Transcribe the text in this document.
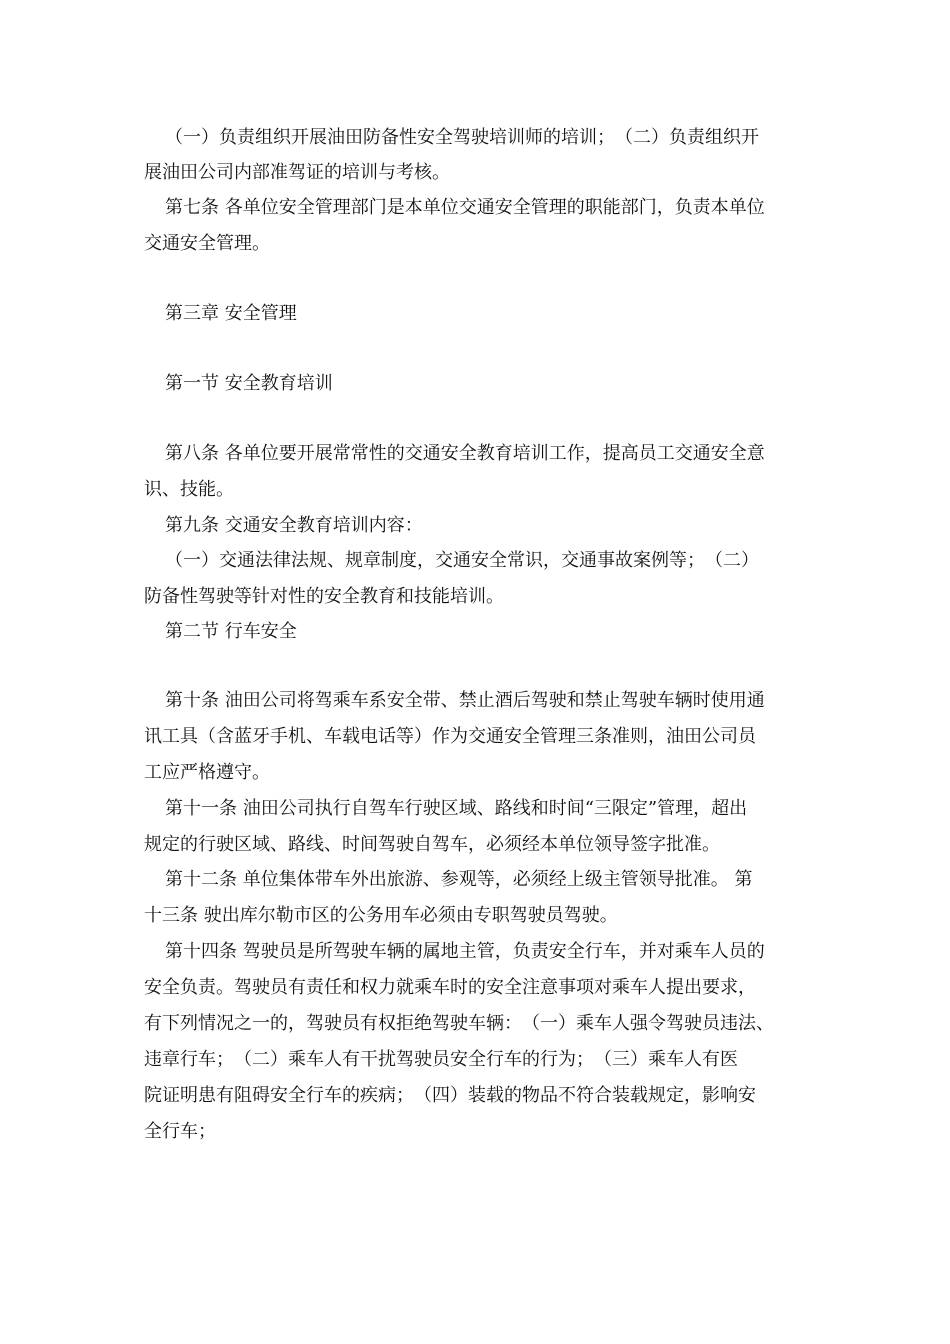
（一）负责组织开展油田防备性安全驾驶培训师的培训；　（二）负责组织开
展油田公司内部准驾证的培训与考核。
第七条 各单位安全管理部门是本单位交通安全管理的职能部门，负责本单位
交通安全管理。
第三章 安全管理
第一节 安全教育培训
第八条 各单位要开展常常性的交通安全教育培训工作，提高员工交通安全意
识、技能。
第九条 交通安全教育培训内容：
（一）交通法律法规、规章制度，交通安全常识，交通事故案例等；　（二）
防备性驾驶等针对性的安全教育和技能培训。
第二节 行车安全
第十条 油田公司将驾乘车系安全带、禁止酒后驾驶和禁止驾驶车辆时使用通
讯工具（含蓝牙手机、车载电话等）作为交通安全管理三条准则，油田公司员
工应严格遵守。
第十一条 油田公司执行自驾车行驶区域、路线和时间“三限定”管理，超出
规定的行驶区域、路线、时间驾驶自驾车，必须经本单位领导签字批准。
第十二条 单位集体带车外出旅游、参观等，必须经上级主管领导批准。 第
十三条 驶出库尔勒市区的公务用车必须由专职驾驶员驾驶。
第十四条 驾驶员是所驾驶车辆的属地主管，负责安全行车，并对乘车人员的
安全负责。驾驶员有责任和权力就乘车时的安全注意事项对乘车人提出要求，
有下列情况之一的，驾驶员有权拒绝驾驶车辆：　（一）乘车人强令驾驶员违法、
违章行车；　（二）乘车人有干扰驾驶员安全行车的行为；　（三）乘车人有医
院证明患有阻碍安全行车的疾病；　（四）装载的物品不符合装载规定，影响安
全行车；
